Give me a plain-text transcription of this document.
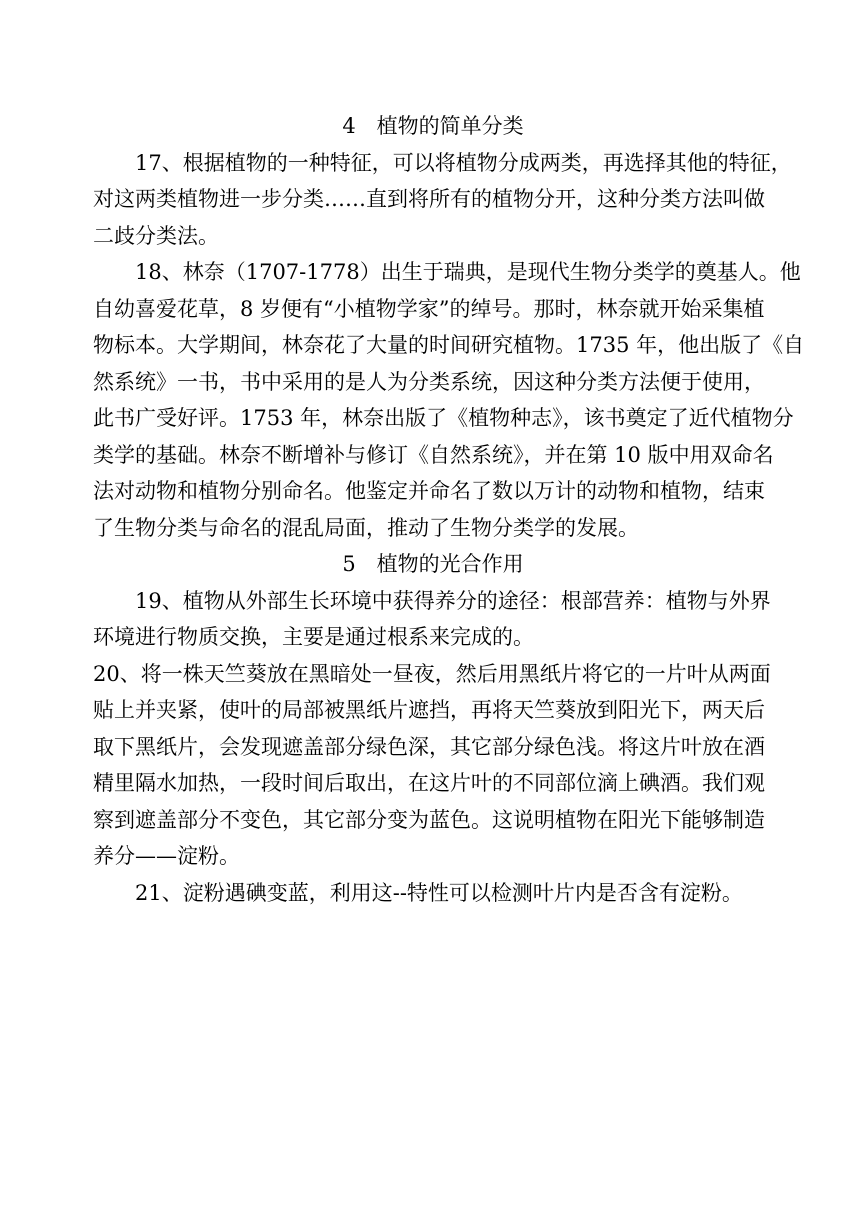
4　植物的简单分类

17、根据植物的一种特征，可以将植物分成两类，再选择其他的特征，
对这两类植物进一步分类……直到将所有的植物分开，这种分类方法叫做
二歧分类法。

18、林奈（1707-1778）出生于瑞典，是现代生物分类学的奠基人。他
自幼喜爱花草，8 岁便有“小植物学家”的绰号。那时，林奈就开始采集植
物标本。大学期间，林奈花了大量的时间研究植物。1735 年，他出版了《自
然系统》一书，书中采用的是人为分类系统，因这种分类方法便于使用，
此书广受好评。1753 年，林奈出版了《植物种志》，该书奠定了近代植物分
类学的基础。林奈不断增补与修订《自然系统》，并在第 10 版中用双命名
法对动物和植物分别命名。他鉴定并命名了数以万计的动物和植物，结束
了生物分类与命名的混乱局面，推动了生物分类学的发展。

5　植物的光合作用

19、植物从外部生长环境中获得养分的途径：根部营养：植物与外界
环境进行物质交换，主要是通过根系来完成的。

20、将一株天竺葵放在黑暗处一昼夜，然后用黑纸片将它的一片叶从两面
贴上并夹紧，使叶的局部被黑纸片遮挡，再将天竺葵放到阳光下，两天后
取下黑纸片，会发现遮盖部分绿色深，其它部分绿色浅。将这片叶放在酒
精里隔水加热，一段时间后取出，在这片叶的不同部位滴上碘酒。我们观
察到遮盖部分不变色，其它部分变为蓝色。这说明植物在阳光下能够制造
养分——淀粉。

21、淀粉遇碘变蓝，利用这--特性可以检测叶片内是否含有淀粉。
